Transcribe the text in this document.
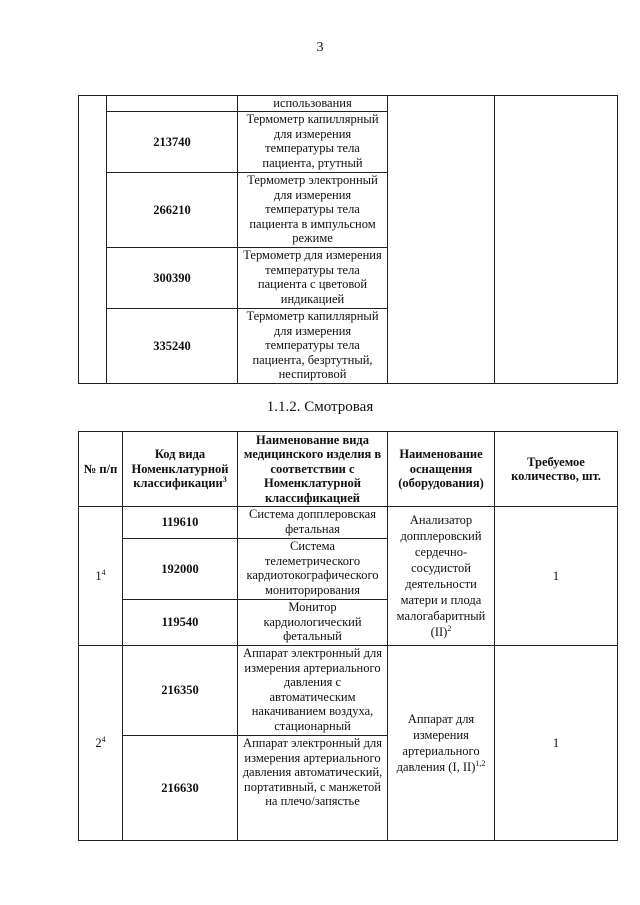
3
		использования		
	213740	Термометр капиллярный для измерения температуры тела пациента, ртутный		
	266210	Термометр электронный для измерения температуры тела пациента в импульсном режиме		
	300390	Термометр для измерения температуры тела пациента с цветовой индикацией		
	335240	Термометр капиллярный для измерения температуры тела пациента, безртутный, неспиртовой		
1.1.2. Смотровая
№ п/п	Код вида Номенклатурной классификации$^3$	Наименование вида медицинского изделия в соответствии с Номенклатурной классификацией	Наименование оснащения (оборудования)	Требуемое количество, шт.
$1^4$	119610	Система допплеровская фетальная	Анализатор допплеровский сердечно-сосудистой деятельности матери и плода малогабаритный (II)$^2$	1
	192000	Система телеметрического кардиотокографического мониторирования		
	119540	Монитор кардиологический фетальный		
$2^4$	216350	Аппарат электронный для измерения артериального давления с автоматическим накачиванием воздуха, стационарный	Аппарат для измерения артериального давления (I, II)$^{1,2}$	1
	216630	Аппарат электронный для измерения артериального давления автоматический, портативный, с манжетой на плечо/запястье		
